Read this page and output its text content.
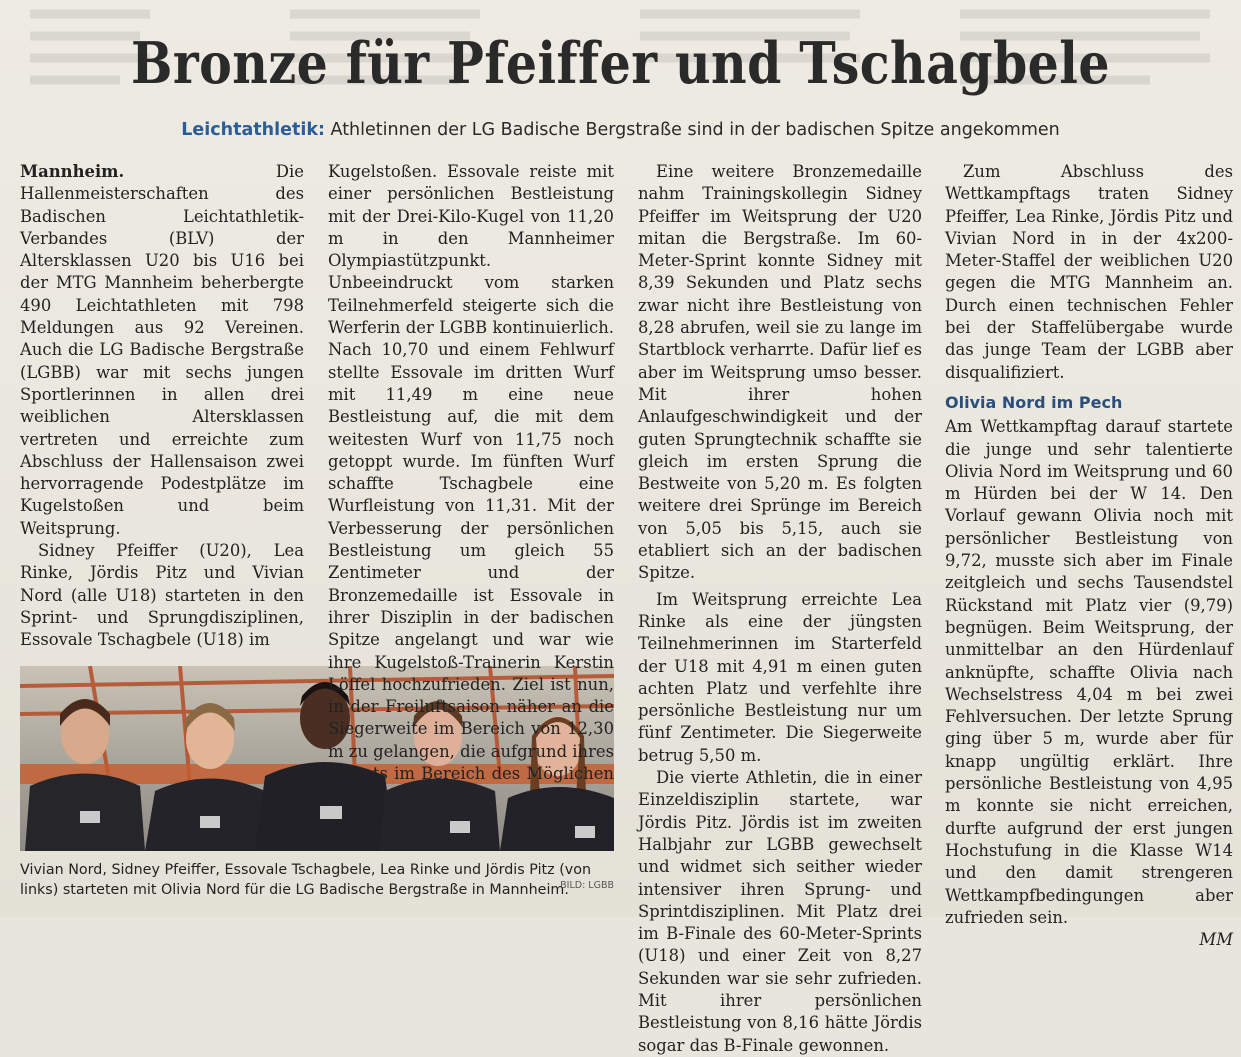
Bronze für Pfeiffer und Tschagbele
Leichtathletik: Athletinnen der LG Badische Bergstraße sind in der badischen Spitze angekommen

Mannheim.	Die Hallenmeisterschaften des Badischen Leichtathletik-Verbandes (BLV) der Altersklassen U20 bis U16 bei der MTG Mannheim beherbergte 490 Leichtathleten mit 798 Meldungen aus 92 Vereinen. Auch die LG Badische Bergstraße (LGBB) war mit sechs jungen Sportlerinnen in allen drei weiblichen Altersklassen vertreten und erreichte zum Abschluss der Hallensaison zwei hervorragende Podestplätze im Kugelstoßen und beim Weitsprung.

Sidney Pfeiffer (U20), Lea Rinke, Jördis Pitz und Vivian Nord (alle U18) starteten in den Sprint- und Sprungdisziplinen, Essovale Tschagbele (U18) im

Vivian Nord, Sidney Pfeiffer, Essovale Tschagbele, Lea Rinke und Jördis Pitz (von links) starteten mit Olivia Nord für die LG Badische Bergstraße in Mannheim.
BILD: LGBB

Eine weitere Bronzemedaille nahm Trainingskollegin Sidney Pfeiffer im Weitsprung der U20 mitan die Bergstraße. Im 60-Meter-Sprint konnte Sidney mit 8,39 Sekunden und Platz sechs zwar nicht ihre Bestleistung von 8,28 abrufen, weil sie zu lange im Startblock verharrte. Dafür lief es aber im Weitsprung umso besser. Mit ihrer hohen Anlaufgeschwindigkeit und der guten Sprungtechnik schaffte sie gleich im ersten Sprung die Bestweite von 5,20 m. Es folgten weitere drei Sprünge im Bereich von 5,05 bis 5,15, auch sie etabliert sich an der badischen Spitze.

Im Weitsprung erreichte Lea Rinke als eine der jüngsten Teilnehmerinnen im Starterfeld der U18 mit 4,91 m einen guten achten Platz und verfehlte ihre persönliche Bestleistung nur um fünf Zentimeter. Die Siegerweite betrug 5,50 m.

Die vierte Athletin, die in einer Einzeldisziplin startete, war Jördis Pitz. Jördis ist im zweiten Halbjahr zur LGBB gewechselt und widmet sich seither wieder intensiver ihren Sprung- und Sprintdisziplinen. Mit Platz drei im B-Finale des 60-Meter-Sprints (U18) und einer Zeit von 8,27 Sekunden war sie sehr zufrieden. Mit ihrer persönlichen Bestleistung von 8,16 hätte Jördis sogar das B-Finale gewonnen.

Zum Abschluss des Wettkampftags traten Sidney Pfeiffer, Lea Rinke, Jördis Pitz und Vivian Nord in in der 4x200-Meter-Staffel der weiblichen U20 gegen die MTG Mannheim an. Durch einen technischen Fehler bei der Staffelübergabe wurde das junge Team der LGBB aber disqualifiziert.

Olivia Nord im Pech

Am Wettkampftag darauf startete die junge und sehr talentierte Olivia Nord im Weitsprung und 60 m Hürden bei der W 14. Den Vorlauf gewann Olivia noch mit persönlicher Bestleistung von 9,72, musste sich aber im Finale zeitgleich und sechs Tausendstel Rückstand mit Platz vier (9,79) begnügen. Beim Weitsprung, der unmittelbar an den Hürdenlauf anknüpfte, schaffte Olivia nach Wechselstress 4,04 m bei zwei Fehlversuchen. Der letzte Sprung ging über 5 m, wurde aber für knapp ungültig erklärt. Ihre persönliche Bestleistung von 4,95 m konnte sie nicht erreichen, durfte aufgrund der erst jungen Hochstufung in die Klasse W14 und den damit strengeren Wettkampfbedingungen aber zufrieden sein.

MM

Kugelstoßen. Essovale reiste mit einer persönlichen Bestleistung mit der Drei-Kilo-Kugel von 11,20 m in den Mannheimer Olympiastützpunkt. Unbeeindruckt vom starken Teilnehmerfeld steigerte sich die Werferin der LGBB kontinuierlich. Nach 10,70 und einem Fehlwurf stellte Essovale im dritten Wurf mit 11,49 m eine neue Bestleistung auf, die mit dem weitesten Wurf von 11,75 noch getoppt wurde. Im fünften Wurf schaffte Tschagbele eine Wurfleistung von 11,31. Mit der Verbesserung der persönlichen Bestleistung um gleich 55 Zentimeter und der Bronzemedaille ist Essovale in ihrer Disziplin in der badischen Spitze angelangt und war wie ihre Kugelstoß-Trainerin Kerstin Löffel hochzufrieden. Ziel ist nun, in der Freiluftsaison näher an die Siegerweite im Bereich von 12,30 m zu gelangen, die aufgrund ihres Talents im Bereich des Möglichen ist.
